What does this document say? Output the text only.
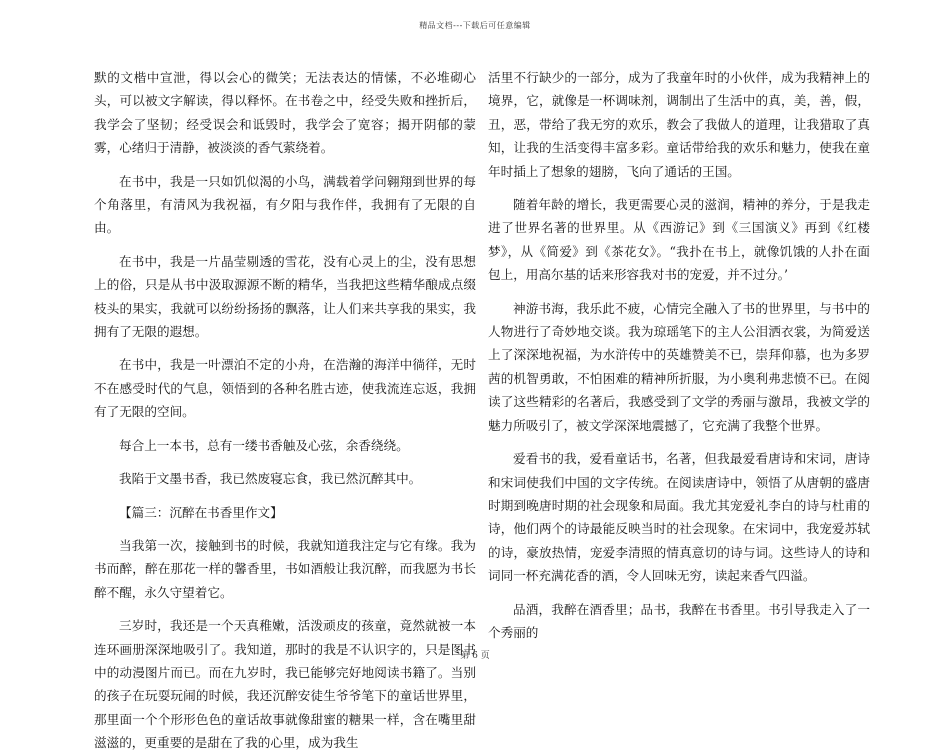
精品文档---下载后可任意编辑

默的文楷中宣泄，得以会心的微笑；无法表达的情愫，不必堆砌心头，可以被文字解读，得以释怀。在书卷之中，经受失败和挫折后，我学会了坚韧；经受误会和诋毁时，我学会了宽容；揭开阴郁的蒙雾，心绪归于清静，被淡淡的香气萦绕着。

在书中，我是一只如饥似渴的小鸟，满载着学问翱翔到世界的每个角落里，有清风为我祝福，有夕阳与我作伴，我拥有了无限的自由。

在书中，我是一片晶莹剔透的雪花，没有心灵上的尘，没有思想上的俗，只是从书中汲取源源不断的精华，当我把这些精华酿成点缀枝头的果实，我就可以纷纷扬扬的飘落，让人们来共享我的果实，我拥有了无限的遐想。

在书中，我是一叶漂泊不定的小舟，在浩瀚的海洋中徜徉，无时不在感受时代的气息，领悟到的各种名胜古迹，使我流连忘返，我拥有了无限的空间。

每合上一本书，总有一缕书香触及心弦，余香绕绕。

我陷于文墨书香，我已然废寝忘食，我已然沉醉其中。

【篇三：沉醉在书香里作文】

当我第一次，接触到书的时候，我就知道我注定与它有缘。我为书而醉，醉在那花一样的馨香里，书如酒般让我沉醉，而我愿为书长醉不醒，永久守望着它。

三岁时，我还是一个天真稚嫩，活泼顽皮的孩童，竟然就被一本连环画册深深地吸引了。我知道，那时的我是不认识字的，只是图书中的动漫图片而已。而在九岁时，我已能够完好地阅读书籍了。当别的孩子在玩耍玩闹的时候，我还沉醉安徒生爷爷笔下的童话世界里，那里面一个个形形色色的童话故事就像甜蜜的糖果一样，含在嘴里甜滋滋的，更重要的是甜在了我的心里，成为我生

活里不行缺少的一部分，成为了我童年时的小伙伴，成为我精神上的境界，它，就像是一杯调味剂，调制出了生活中的真，美，善，假，丑，恶，带给了我无穷的欢乐，教会了我做人的道理，让我猎取了真知，让我的生活变得丰富多彩。童话带给我的欢乐和魅力，使我在童年时插上了想象的翅膀，飞向了通话的王国。

随着年龄的增长，我更需要心灵的滋润，精神的养分，于是我走进了世界名著的世界里。从《西游记》到《三国演义》再到《红楼梦》，从《简爱》到《茶花女》。“我扑在书上，就像饥饿的人扑在面包上，用高尔基的话来形容我对书的宠爱，并不过分。’

神游书海，我乐此不疲，心情完全融入了书的世界里，与书中的人物进行了奇妙地交谈。我为琼瑶笔下的主人公泪洒衣裳，为简爱送上了深深地祝福，为水浒传中的英雄赞美不已，崇拜仰慕，也为多罗茜的机智勇敢，不怕困难的精神所折服，为小奥利弗悲愤不已。在阅读了这些精彩的名著后，我感受到了文学的秀丽与激昂，我被文学的魅力所吸引了，被文学深深地震撼了，它充满了我整个世界。

爱看书的我，爱看童话书，名著，但我最爱看唐诗和宋词，唐诗和宋词使我们中国的文字传统。在阅读唐诗中，领悟了从唐朝的盛唐时期到晚唐时期的社会现象和局面。我尤其宠爱礼李白的诗与杜甫的诗，他们两个的诗最能反映当时的社会现象。在宋词中，我宠爱苏轼的诗，豪放热情，宠爱李清照的情真意切的诗与词。这些诗人的诗和词同一杯充满花香的酒，令人回味无穷，读起来香气四溢。

品酒，我醉在酒香里；品书，我醉在书香里。书引导我走入了一个秀丽的

第 6 页
